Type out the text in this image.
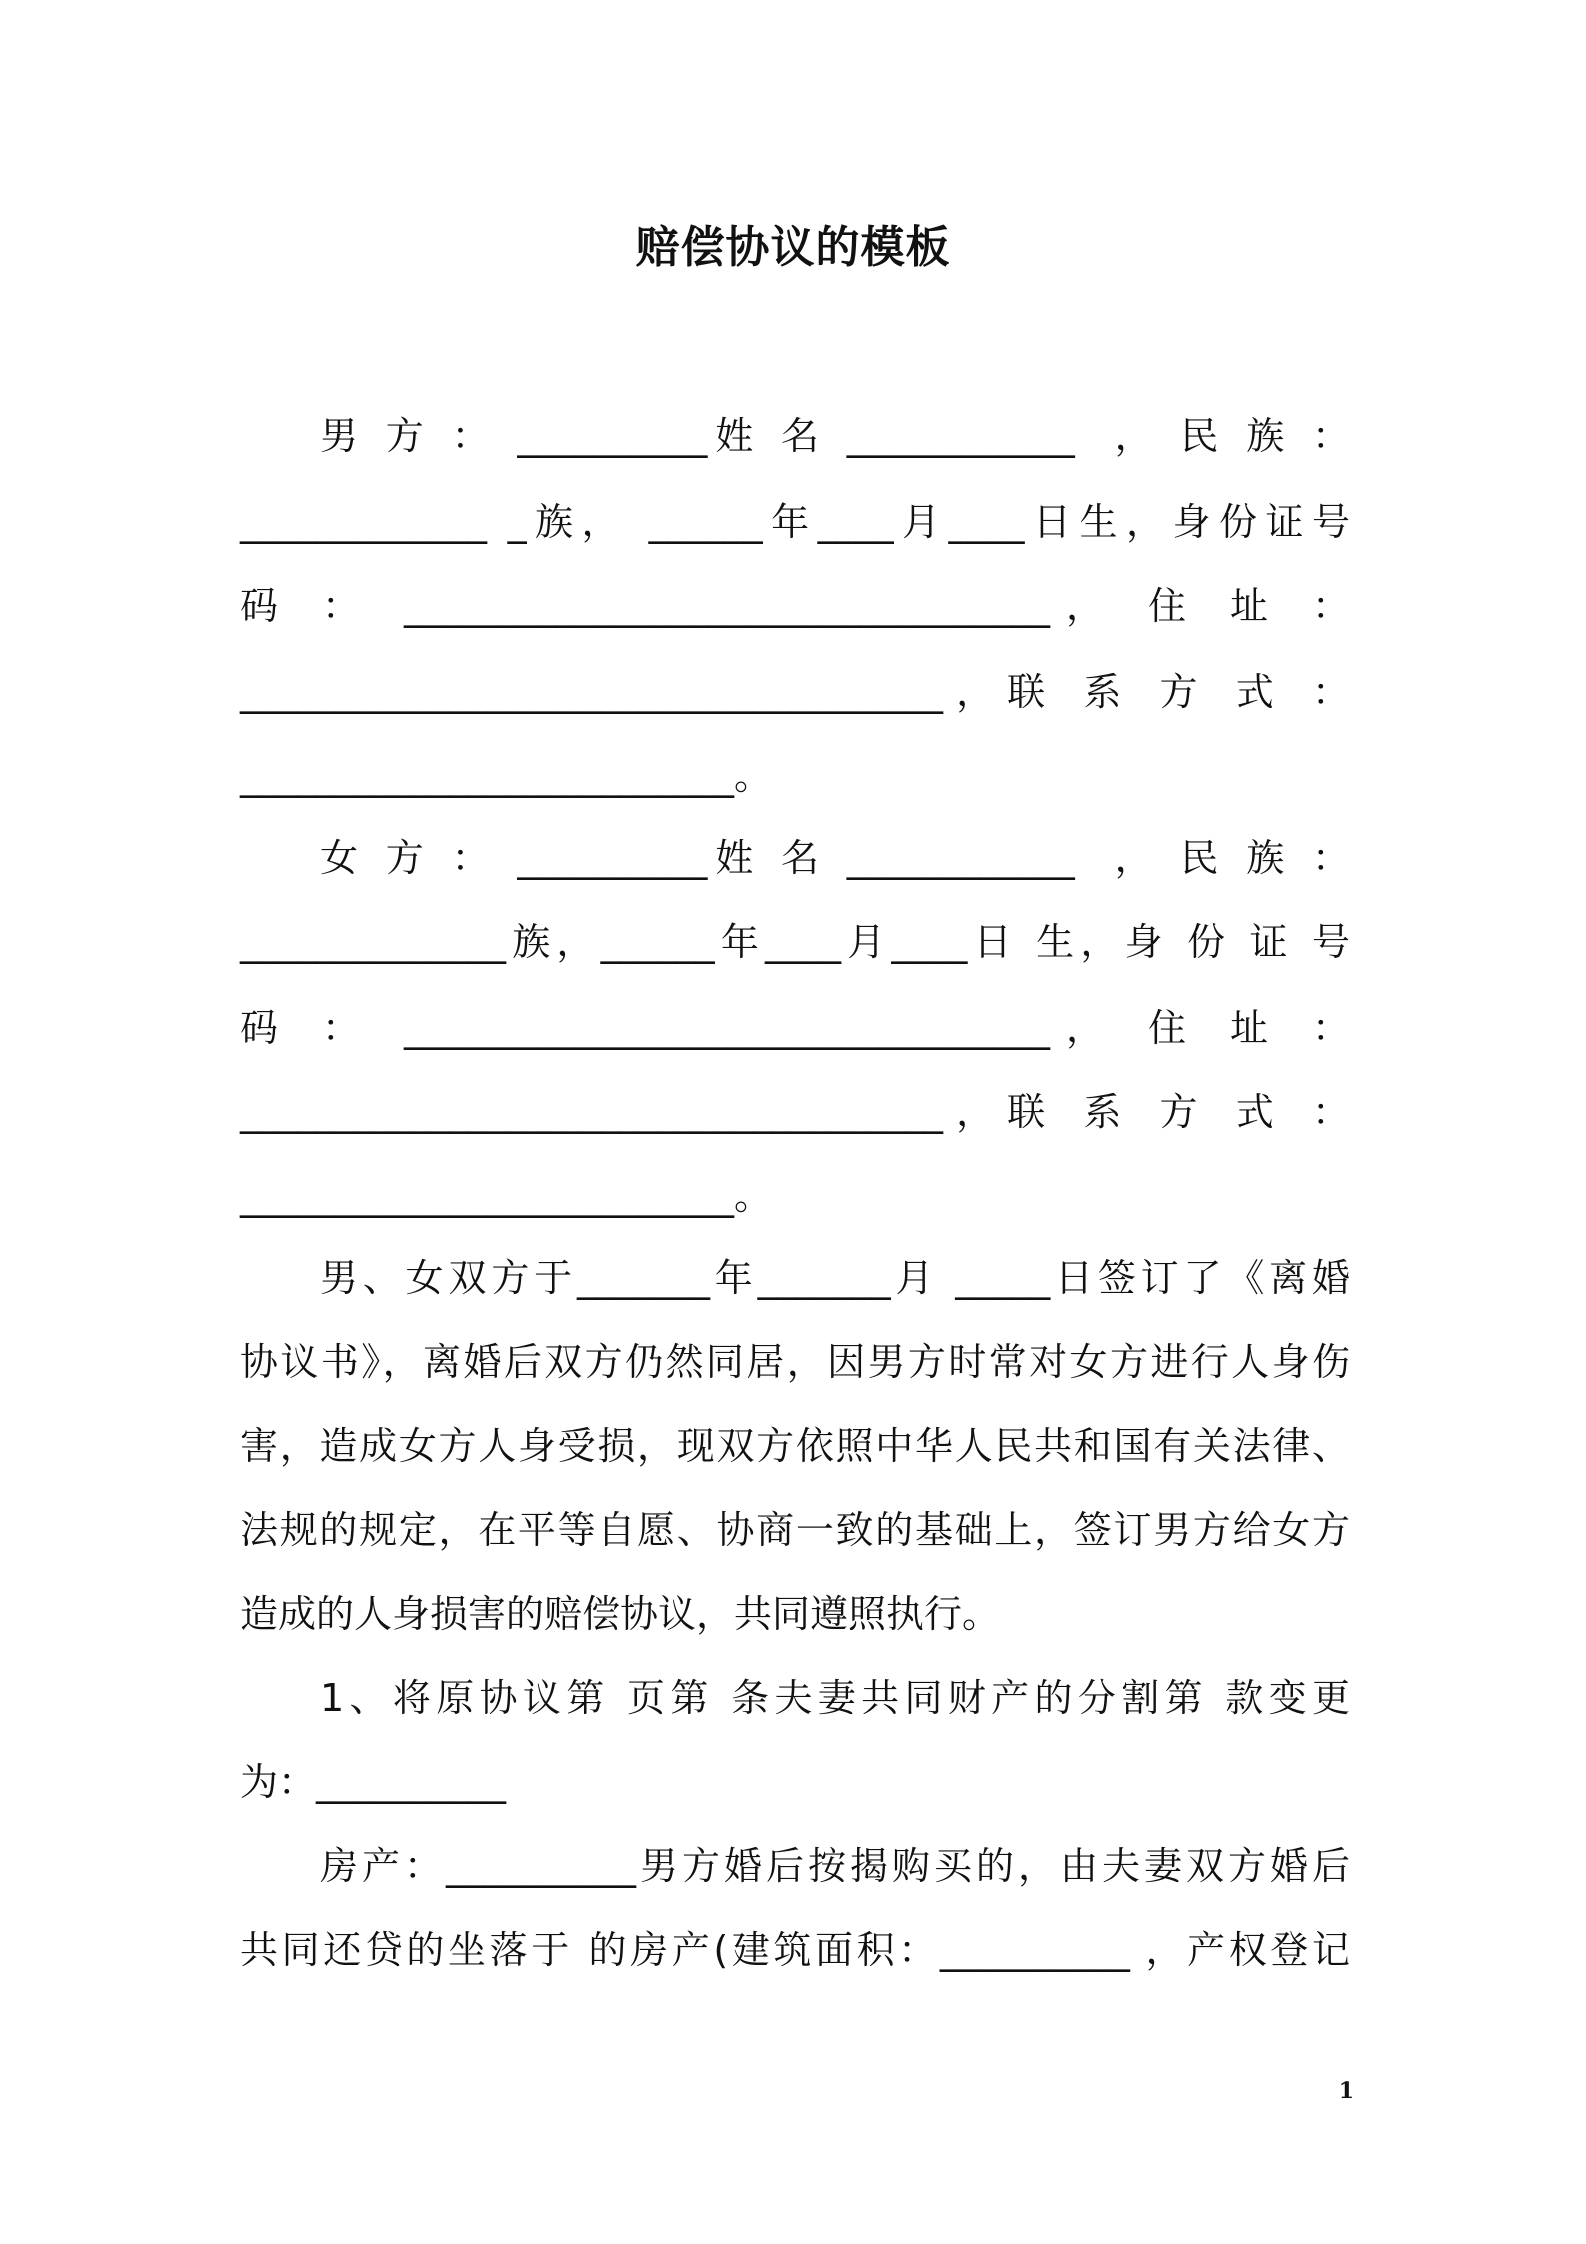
赔偿协议的模板
男 方 ： __________姓 名 ____________  ， 民 族 ：
_____________ _族， ______年____月____日生，身份证号
码 ： __________________________________， 住 址 ：
_____________________________________，联 系 方 式 ：
__________________________。
女 方 ： __________姓 名 ____________  ， 民 族 ：
______________族，______年____月____日 生，身 份 证 号
码 ： __________________________________， 住 址 ：
_____________________________________，联 系 方 式 ：
__________________________。
男、女双方于_______年_______月 _____日签订了《离婚
协议书》，离婚后双方仍然同居，因男方时常对女方进行人身伤
害，造成女方人身受损，现双方依照中华人民共和国有关法律、
法规的规定，在平等自愿、协商一致的基础上，签订男方给女方
造成的人身损害的赔偿协议，共同遵照执行。
1、将原协议第 页第 条夫妻共同财产的分割第 款变更
为：__________
房产：__________男方婚后按揭购买的，由夫妻双方婚后
共同还贷的坐落于 的房产(建筑面积：__________ ，产权登记
1
